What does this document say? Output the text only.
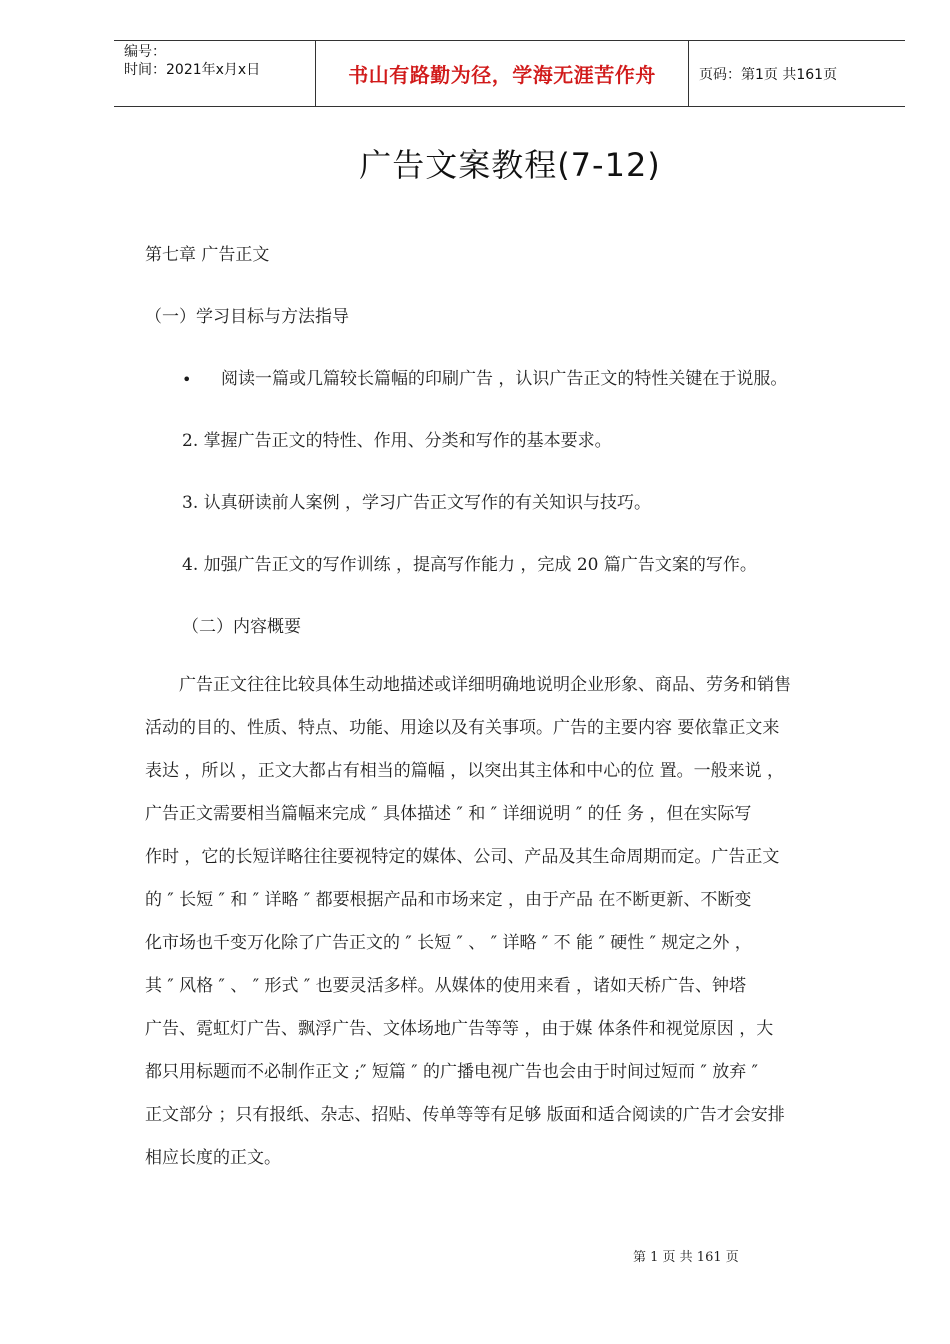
编号：
时间：2021年x月x日	书山有路勤为径，学海无涯苦作舟	页码：第1页 共161页
广告文案教程(7-12)
第七章 广告正文
（一）学习目标与方法指导
• 阅读一篇或几篇较长篇幅的印刷广告 ，认识广告正文的特性关键在于说服。
2. 掌握广告正文的特性、作用、分类和写作的基本要求。
3. 认真研读前人案例 ，学习广告正文写作的有关知识与技巧。
4. 加强广告正文的写作训练 ，提高写作能力 ，完成 20 篇广告文案的写作。
（二）内容概要
　　广告正文往往比较具体生动地描述或详细明确地说明企业形象、商品、劳务和销售
活动的目的、性质、特点、功能、用途以及有关事项。广告的主要内容 要依靠正文来
表达 ，所以 ，正文大都占有相当的篇幅 ，以突出其主体和中心的位 置。一般来说 ，
广告正文需要相当篇幅来完成 ″ 具体描述 ″ 和 ″ 详细说明 ″ 的任 务 ，但在实际写
作时 ，它的长短详略往往要视特定的媒体、公司、产品及其生命周期而定。广告正文
的 ″ 长短 ″ 和 ″ 详略 ″ 都要根据产品和市场来定 ，由于产品 在不断更新、不断变
化市场也千变万化除了广告正文的 ″ 长短 ″ 、 ″ 详略 ″ 不 能 ″ 硬性 ″ 规定之外 ，
其 ″ 风格 ″ 、 ″ 形式 ″ 也要灵活多样。从媒体的使用来看 ，诸如天桥广告、钟塔
广告、霓虹灯广告、飘浮广告、文体场地广告等等 ，由于媒 体条件和视觉原因 ，大
都只用标题而不必制作正文 ;″ 短篇 ″ 的广播电视广告也会由于时间过短而 ″ 放弃 ″
正文部分 ；只有报纸、杂志、招贴、传单等等有足够 版面和适合阅读的广告才会安排
相应长度的正文。
第 1 页 共 161 页
